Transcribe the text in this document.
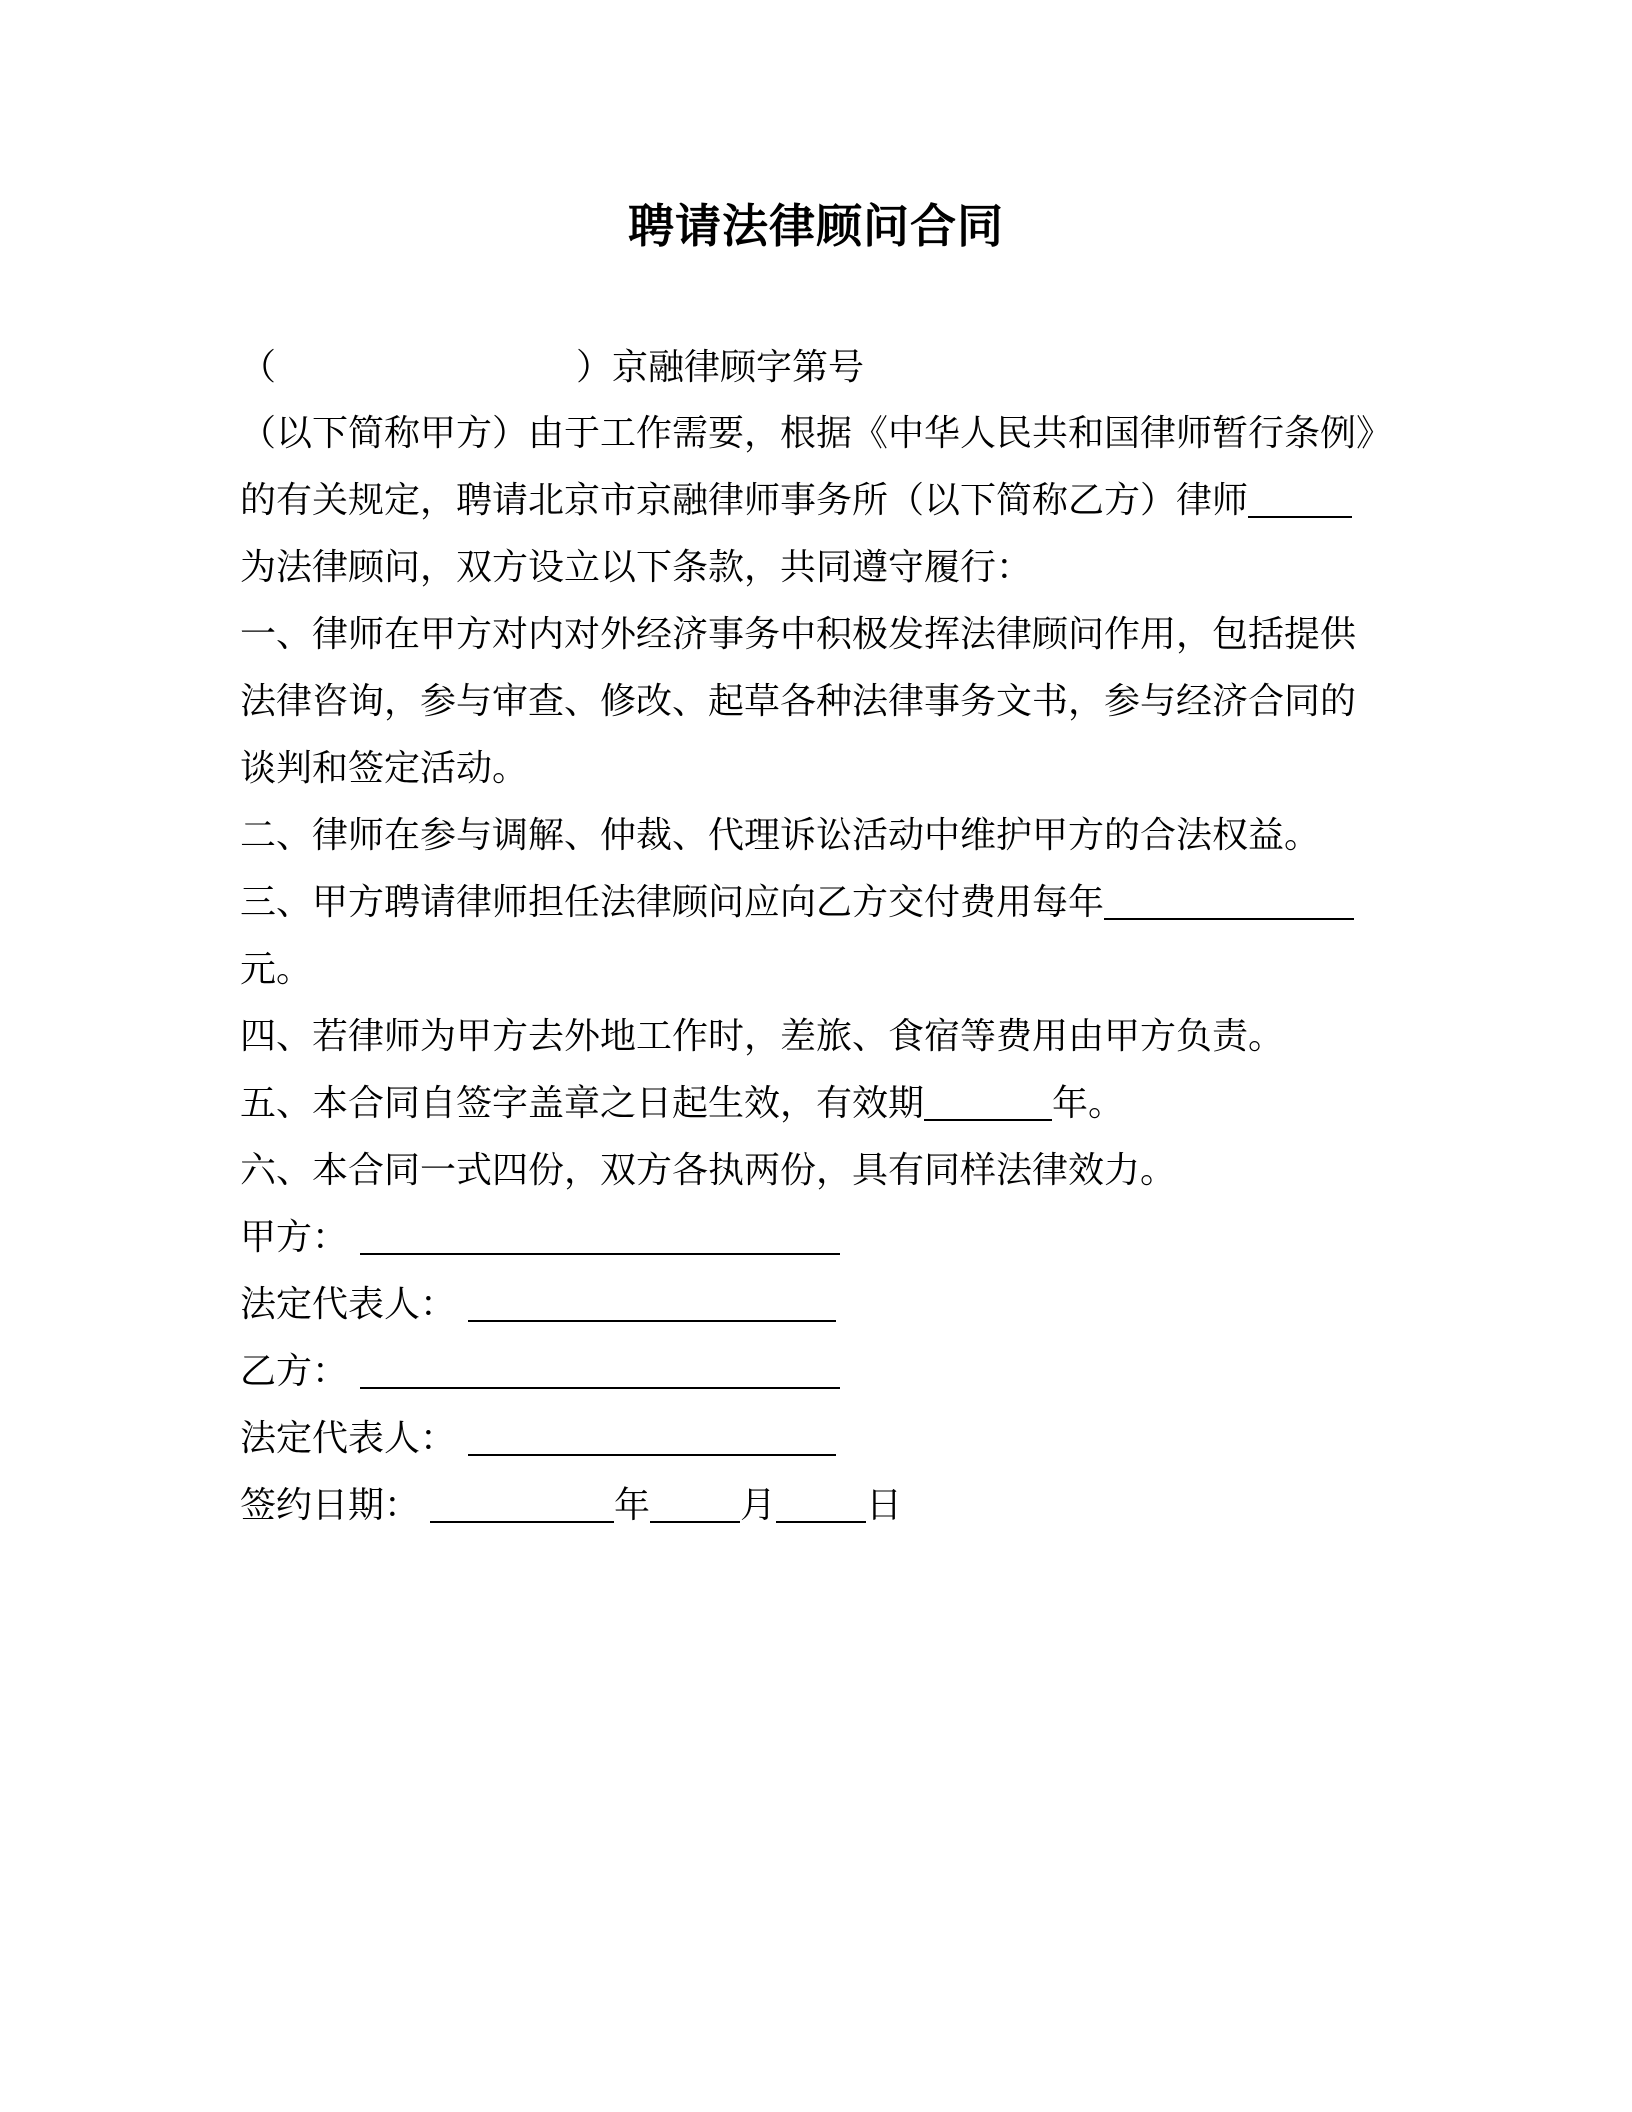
聘请法律顾问合同
（	）京融律顾字第号
（以下简称甲方）由于工作需要，根据《中华人民共和国律师暂行条例》
的有关规定，聘请北京市京融律师事务所（以下简称乙方）律师
为法律顾问，双方设立以下条款，共同遵守履行：
一、律师在甲方对内对外经济事务中积极发挥法律顾问作用，包括提供
法律咨询，参与审查、修改、起草各种法律事务文书，参与经济合同的
谈判和签定活动。
二、律师在参与调解、仲裁、代理诉讼活动中维护甲方的合法权益。
三、甲方聘请律师担任法律顾问应向乙方交付费用每年
元。
四、若律师为甲方去外地工作时，差旅、食宿等费用由甲方负责。
五、本合同自签字盖章之日起生效，有效期	年。
六、本合同一式四份，双方各执两份，具有同样法律效力。
甲方：
法定代表人：
乙方：
法定代表人：
签约日期：	年	月	日
